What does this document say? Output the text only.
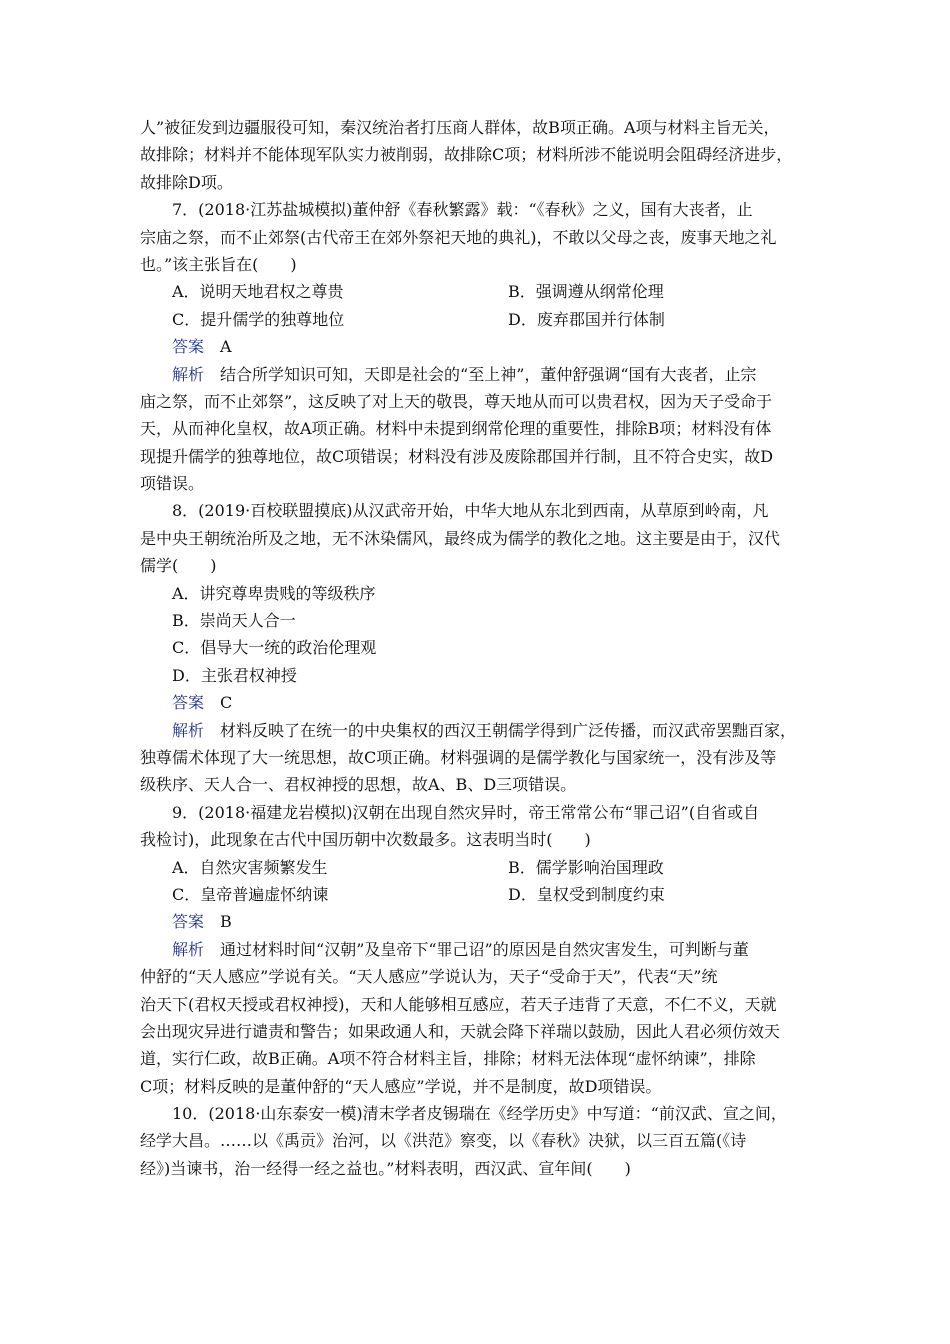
人”被征发到边疆服役可知，秦汉统治者打压商人群体，故B项正确。A项与材料主旨无关，
故排除；材料并不能体现军队实力被削弱，故排除C项；材料所涉不能说明会阻碍经济进步，
故排除D项。
7．(2018·江苏盐城模拟)董仲舒《春秋繁露》载：“《春秋》之义，国有大丧者，止
宗庙之祭，而不止郊祭(古代帝王在郊外祭祀天地的典礼)，不敢以父母之丧，废事天地之礼
也。”该主张旨在(　　)
A．说明天地君权之尊贵	B．强调遵从纲常伦理
C．提升儒学的独尊地位	D．废弃郡国并行体制
答案 A
解析 结合所学知识可知，天即是社会的“至上神”，董仲舒强调“国有大丧者，止宗
庙之祭，而不止郊祭”，这反映了对上天的敬畏，尊天地从而可以贵君权，因为天子受命于
天，从而神化皇权，故A项正确。材料中未提到纲常伦理的重要性，排除B项；材料没有体
现提升儒学的独尊地位，故C项错误；材料没有涉及废除郡国并行制，且不符合史实，故D
项错误。
8．(2019·百校联盟摸底)从汉武帝开始，中华大地从东北到西南，从草原到岭南，凡
是中央王朝统治所及之地，无不沐染儒风，最终成为儒学的教化之地。这主要是由于，汉代
儒学(　　)
A．讲究尊卑贵贱的等级秩序
B．崇尚天人合一
C．倡导大一统的政治伦理观
D．主张君权神授
答案 C
解析 材料反映了在统一的中央集权的西汉王朝儒学得到广泛传播，而汉武帝罢黜百家，
独尊儒术体现了大一统思想，故C项正确。材料强调的是儒学教化与国家统一，没有涉及等
级秩序、天人合一、君权神授的思想，故A、B、D三项错误。
9．(2018·福建龙岩模拟)汉朝在出现自然灾异时，帝王常常公布“罪己诏”(自省或自
我检讨)，此现象在古代中国历朝中次数最多。这表明当时(　　)
A．自然灾害频繁发生	B．儒学影响治国理政
C．皇帝普遍虚怀纳谏	D．皇权受到制度约束
答案 B
解析 通过材料时间“汉朝”及皇帝下“罪己诏”的原因是自然灾害发生，可判断与董
仲舒的“天人感应”学说有关。“天人感应”学说认为，天子“受命于天”，代表“天”统
治天下(君权天授或君权神授)，天和人能够相互感应，若天子违背了天意，不仁不义，天就
会出现灾异进行谴责和警告；如果政通人和，天就会降下祥瑞以鼓励，因此人君必须仿效天
道，实行仁政，故B正确。A项不符合材料主旨，排除；材料无法体现“虚怀纳谏”，排除
C项；材料反映的是董仲舒的“天人感应”学说，并不是制度，故D项错误。
10．(2018·山东泰安一模)清末学者皮锡瑞在《经学历史》中写道：“前汉武、宣之间，
经学大昌。……以《禹贡》治河，以《洪范》察变，以《春秋》决狱，以三百五篇(《诗
经》)当谏书，治一经得一经之益也。”材料表明，西汉武、宣年间(　　)
